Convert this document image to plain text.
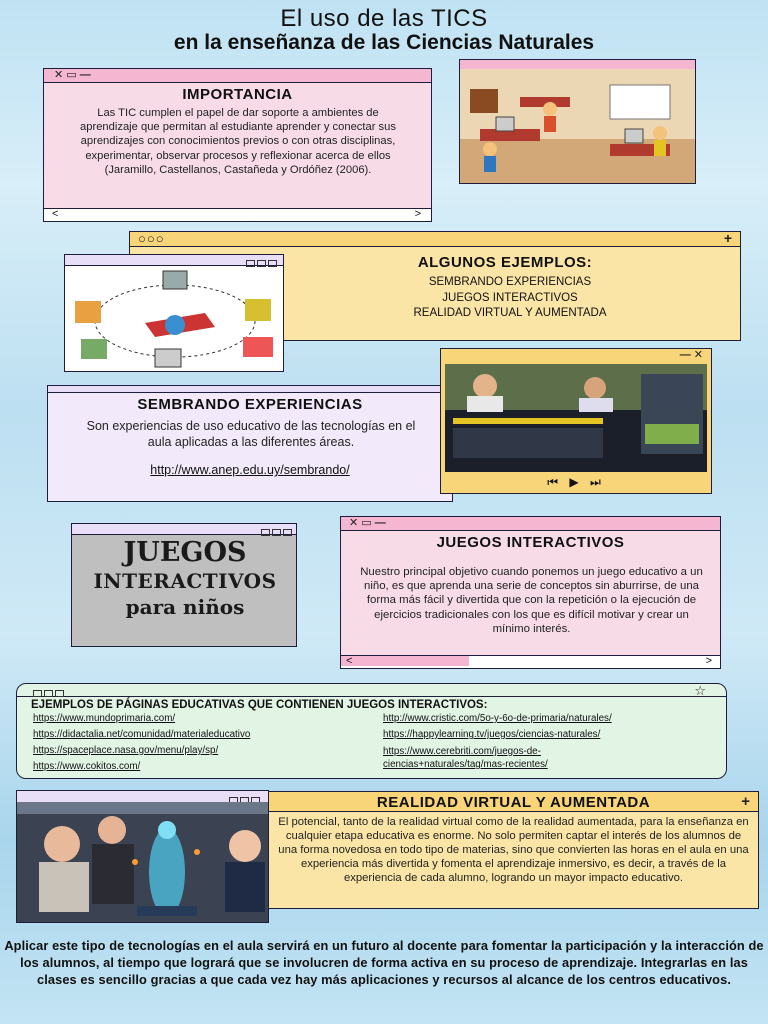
El uso de las TICS
en la enseñanza de las Ciencias Naturales
✕ ▭ —
IMPORTANCIA
Las TIC cumplen el papel de dar soporte a ambientes de aprendizaje que permitan al estudiante aprender y conectar sus aprendizajes con conocimientos previos o con otras disciplinas, experimentar, observar procesos y reflexionar acerca de ellos (Jaramillo, Castellanos, Castañeda y Ordóñez (2006).
<	>
○○○	+
ALGUNOS EJEMPLOS:
SEMBRANDO EXPERIENCIAS
JUEGOS INTERACTIVOS
REALIDAD VIRTUAL Y AUMENTADA
SEMBRANDO EXPERIENCIAS
Son experiencias de uso educativo de las tecnologías en el aula aplicadas a las diferentes áreas.
http://www.anep.edu.uy/sembrando/
— ✕
⏮ ▶ ⏭
JUEGOS
INTERACTIVOS
para niños
✕ ▭ —
JUEGOS INTERACTIVOS
Nuestro principal objetivo cuando ponemos un juego educativo a un niño, es que aprenda una serie de conceptos sin aburrirse, de una forma más fácil y divertida que con la repetición o la ejecución de ejercicios tradicionales con los que es difícil motivar y crear un mínimo interés.
<	>
☆
EJEMPLOS DE PÁGINAS EDUCATIVAS QUE CONTIENEN JUEGOS INTERACTIVOS:
https://www.mundoprimaria.com/
https://didactalia.net/comunidad/materialeducativo
https://spaceplace.nasa.gov/menu/play/sp/
https://www.cokitos.com/
http://www.cristic.com/5o-y-6o-de-primaria/naturales/
https://happylearning.tv/juegos/ciencias-naturales/
https://www.cerebriti.com/juegos-de-
ciencias+naturales/tag/mas-recientes/
REALIDAD VIRTUAL Y AUMENTADA	+
El potencial, tanto de la realidad virtual como de la realidad aumentada, para la enseñanza en cualquier etapa educativa es enorme. No solo permiten captar el interés de los alumnos de una forma novedosa en todo tipo de materias, sino que convierten las horas en el aula en una experiencia más divertida y fomenta el aprendizaje inmersivo, es decir, a través de la experiencia de cada alumno, logrando un mayor impacto educativo.
Aplicar este tipo de tecnologías en el aula servirá en un futuro al docente para fomentar la participación y la interacción de los alumnos, al tiempo que logrará que se involucren de forma activa en su proceso de aprendizaje. Integrarlas en las clases es sencillo gracias a que cada vez hay más aplicaciones y recursos al alcance de los centros educativos.
